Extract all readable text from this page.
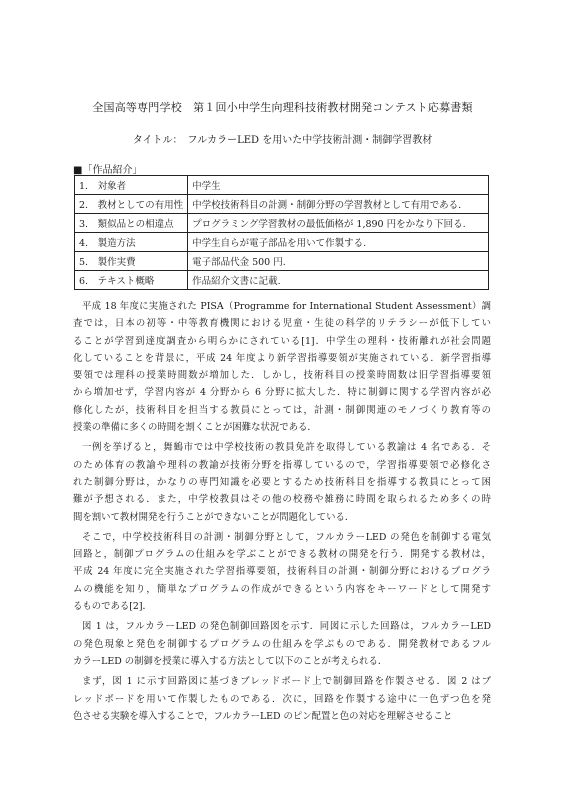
全国高等専門学校　第１回小中学生向理科技術教材開発コンテスト応募書類
タイトル：　フルカラーLED を用いた中学技術計測・制御学習教材
■「作品紹介」
1.　対象者	中学生
2.　教材としての有用性	中学校技術科目の計測・制御分野の学習教材として有用である.
3.　類似品との相違点	プログラミング学習教材の最低価格が 1,890 円をかなり下回る.
4.　製造方法	中学生自らが電子部品を用いて作製する.
5.　製作実費	電子部品代金 500 円.
6.　テキスト概略	作品紹介文書に記載.
平成 18 年度に実施された PISA（Programme for International Student Assessment）調
査では，日本の初等・中等教育機関における児童・生徒の科学的リテラシーが低下してい
ることが学習到達度調査から明らかにされている[1]．中学生の理科・技術離れが社会問題
化していることを背景に，平成 24 年度より新学習指導要領が実施されている．新学習指導
要領では理科の授業時間数が増加した．しかし，技術科目の授業時間数は旧学習指導要領
から増加せず，学習内容が 4 分野から 6 分野に拡大した．特に制御に関する学習内容が必
修化したが，技術科目を担当する教員にとっては，計測・制御関連のモノづくり教育等の
授業の準備に多くの時間を割くことが困難な状況である．
一例を挙げると，舞鶴市では中学校技術の教員免許を取得している教諭は 4 名である．そ
のため体育の教諭や理科の教諭が技術分野を指導しているので，学習指導要領で必修化さ
れた制御分野は，かなりの専門知識を必要とするため技術科目を指導する教員にとって困
難が予想される．また，中学校教員はその他の校務や雑務に時間を取られるため多くの時
間を割いて教材開発を行うことができないことが問題化している．
そこで，中学校技術科目の計測・制御分野として，フルカラーLED の発色を制御する電気
回路と，制御プログラムの仕組みを学ぶことができる教材の開発を行う．開発する教材は，
平成 24 年度に完全実施された学習指導要領，技術科目の計測・制御分野におけるプログラ
ムの機能を知り，簡単なプログラムの作成ができるという内容をキーワードとして開発す
るものである[2]．
図 1 は，フルカラーLED の発色制御回路図を示す．同図に示した回路は，フルカラーLED
の発色現象と発色を制御するプログラムの仕組みを学ぶものである．開発教材であるフル
カラーLED の制御を授業に導入する方法として以下のことが考えられる．
まず，図 1 に示す回路図に基づきブレッドボード上で制御回路を作製させる．図 2 はブ
レッドボードを用いて作製したものである．次に，回路を作製する途中に一色ずつ色を発
色させる実験を導入することで，フルカラーLED のピン配置と色の対応を理解させること
